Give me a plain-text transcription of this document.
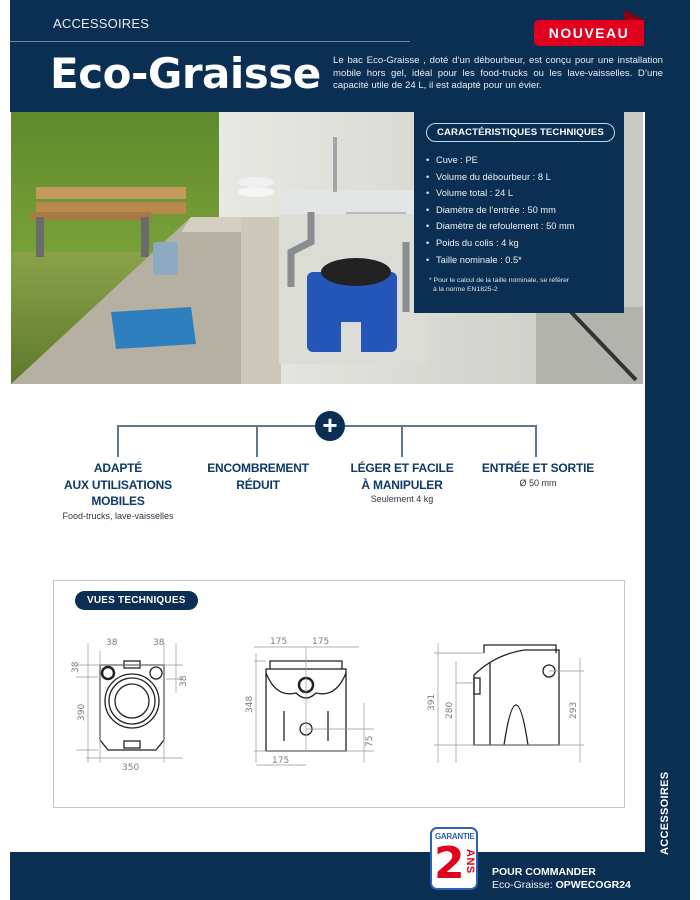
ACCESSOIRES
Eco-Graisse Le bac Eco-Graisse , doté d’un débourbeur, est conçu pour une installation mobile hors gel, idéal pour les food-trucks ou les lave-vaisselles. D’une capacité utile de 24 L, il est adapté pour un évier.
NOUVEAU
ACCESSOIRES
CARACTÉRISTIQUES TECHNIQUES
• Cuve : PE
• Volume du débourbeur : 8 L
• Volume total : 24 L
• Diamètre de l’entrée : 50 mm
• Diamètre de refoulement : 50 mm
• Poids du colis : 4 kg
• Taille nominale : 0.5*
* Pour le calcul de la taille nominale, se référer
à la norme EN1825-2
+
ADAPTÉ
AUX UTILISATIONS
MOBILES
Food-trucks, lave-vaisselles
ENCOMBREMENT
RÉDUIT
LÉGER ET FACILE
À MANIPULER
Seulement 4 kg
ENTRÉE ET SORTIE
Ø 50 mm
VUES TECHNIQUES
38	38
38
38
390
350
175	175
348
75
175
391 280	293
GARANTIE
2 ANS POUR COMMANDER
Eco-Graisse: OPWECOGR24
